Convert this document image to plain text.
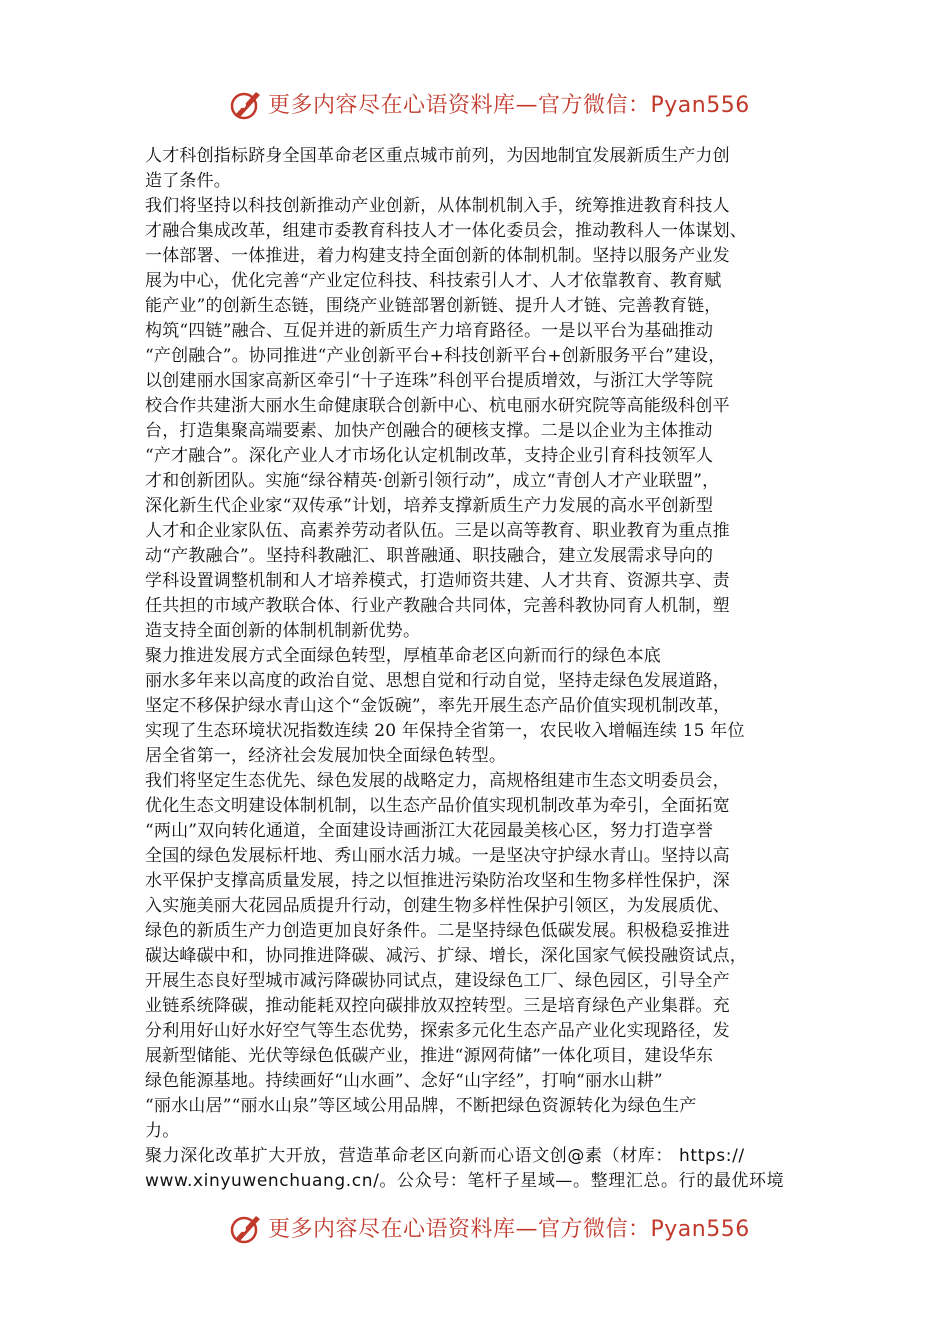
更多内容尽在心语资料库—官方微信：Pyan556
人才科创指标跻身全国革命老区重点城市前列，为因地制宜发展新质生产力创
造了条件。
我们将坚持以科技创新推动产业创新，从体制机制入手，统筹推进教育科技人
才融合集成改革，组建市委教育科技人才一体化委员会，推动教科人一体谋划、
一体部署、一体推进，着力构建支持全面创新的体制机制。坚持以服务产业发
展为中心，优化完善“产业定位科技、科技索引人才、人才依靠教育、教育赋
能产业”的创新生态链，围绕产业链部署创新链、提升人才链、完善教育链，
构筑“四链”融合、互促并进的新质生产力培育路径。一是以平台为基础推动
“产创融合”。协同推进“产业创新平台+科技创新平台+创新服务平台”建设，
以创建丽水国家高新区牵引“十子连珠”科创平台提质增效，与浙江大学等院
校合作共建浙大丽水生命健康联合创新中心、杭电丽水研究院等高能级科创平
台，打造集聚高端要素、加快产创融合的硬核支撑。二是以企业为主体推动
“产才融合”。深化产业人才市场化认定机制改革，支持企业引育科技领军人
才和创新团队。实施“绿谷精英·创新引领行动”，成立“青创人才产业联盟”，
深化新生代企业家“双传承”计划，培养支撑新质生产力发展的高水平创新型
人才和企业家队伍、高素养劳动者队伍。三是以高等教育、职业教育为重点推
动“产教融合”。坚持科教融汇、职普融通、职技融合，建立发展需求导向的
学科设置调整机制和人才培养模式，打造师资共建、人才共育、资源共享、责
任共担的市域产教联合体、行业产教融合共同体，完善科教协同育人机制，塑
造支持全面创新的体制机制新优势。
聚力推进发展方式全面绿色转型，厚植革命老区向新而行的绿色本底
丽水多年来以高度的政治自觉、思想自觉和行动自觉，坚持走绿色发展道路，
坚定不移保护绿水青山这个“金饭碗”，率先开展生态产品价值实现机制改革，
实现了生态环境状况指数连续 20 年保持全省第一，农民收入增幅连续 15 年位
居全省第一，经济社会发展加快全面绿色转型。
我们将坚定生态优先、绿色发展的战略定力，高规格组建市生态文明委员会，
优化生态文明建设体制机制，以生态产品价值实现机制改革为牵引，全面拓宽
“两山”双向转化通道，全面建设诗画浙江大花园最美核心区，努力打造享誉
全国的绿色发展标杆地、秀山丽水活力城。一是坚决守护绿水青山。坚持以高
水平保护支撑高质量发展，持之以恒推进污染防治攻坚和生物多样性保护，深
入实施美丽大花园品质提升行动，创建生物多样性保护引领区，为发展质优、
绿色的新质生产力创造更加良好条件。二是坚持绿色低碳发展。积极稳妥推进
碳达峰碳中和，协同推进降碳、减污、扩绿、增长，深化国家气候投融资试点，
开展生态良好型城市减污降碳协同试点，建设绿色工厂、绿色园区，引导全产
业链系统降碳，推动能耗双控向碳排放双控转型。三是培育绿色产业集群。充
分利用好山好水好空气等生态优势，探索多元化生态产品产业化实现路径，发
展新型储能、光伏等绿色低碳产业，推进“源网荷储”一体化项目，建设华东
绿色能源基地。持续画好“山水画”、念好“山字经”，打响“丽水山耕”
“丽水山居”“丽水山泉”等区域公用品牌，不断把绿色资源转化为绿色生产
力。
聚力深化改革扩大开放，营造革命老区向新而心语文创@素（材库： https://
www.xinyuwenchuang.cn/。公众号：笔杆子星域—。整理汇总。行的最优环境
更多内容尽在心语资料库—官方微信：Pyan556
